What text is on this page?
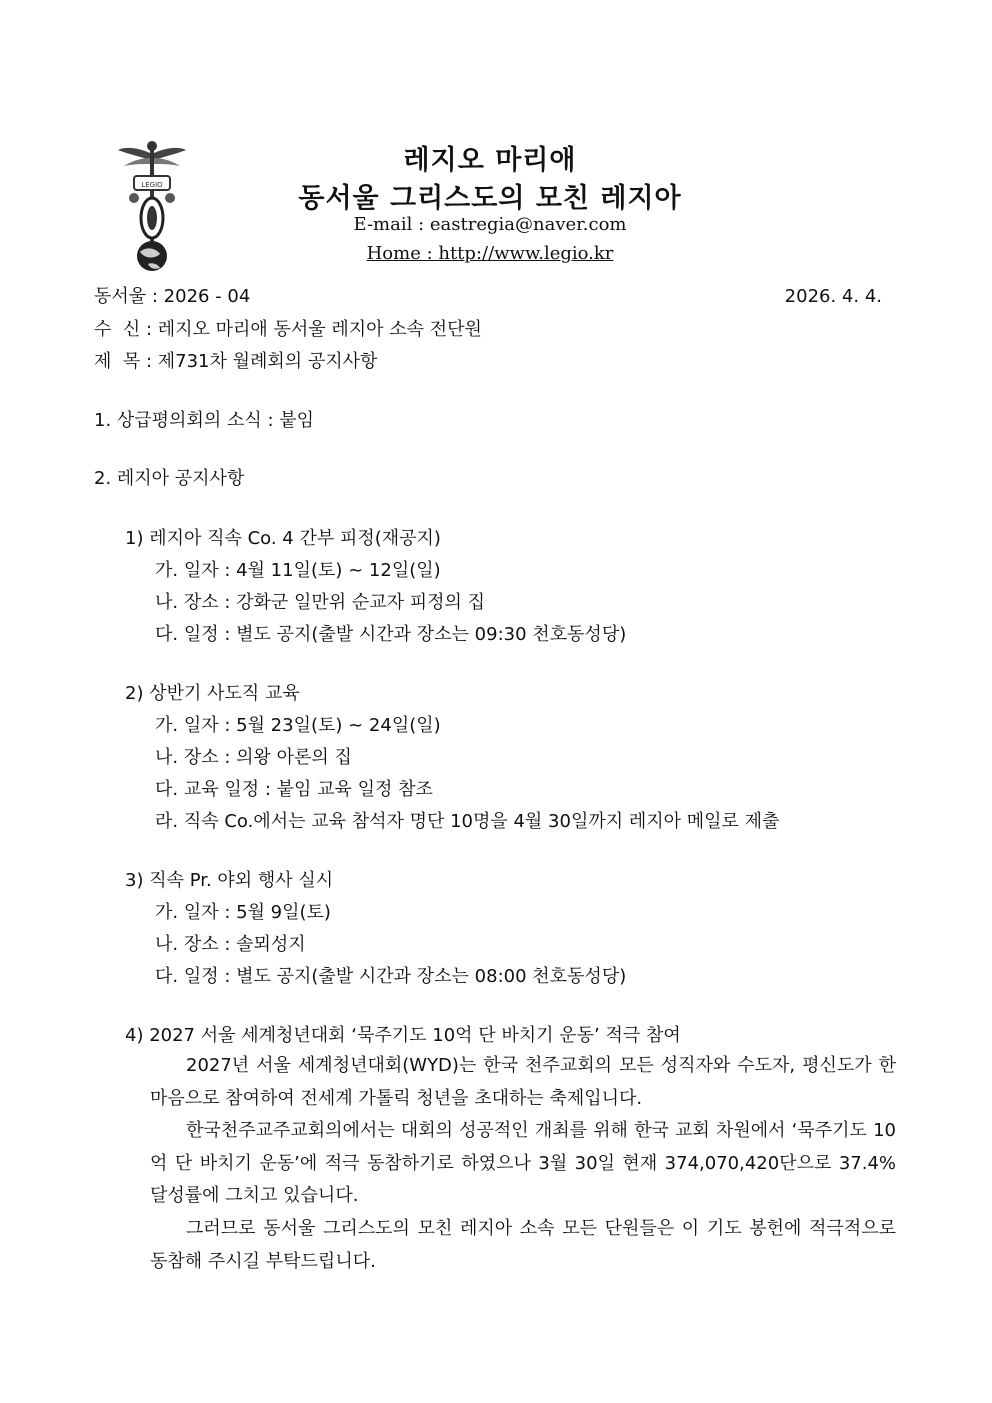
LEGIO
레지오 마리애
동서울 그리스도의 모친 레지아
E-mail : eastregia@naver.com
Home : http://www.legio.kr
동서울 : 2026 - 04	2026. 4. 4.
수  신 : 레지오 마리애 동서울 레지아 소속 전단원
제  목 : 제731차 월례회의 공지사항
1. 상급평의회의 소식 : 붙임
2. 레지아 공지사항
1) 레지아 직속 Co. 4 간부 피정(재공지)
가. 일자 : 4월 11일(토) ~ 12일(일)
나. 장소 : 강화군 일만위 순교자 피정의 집
다. 일정 : 별도 공지(출발 시간과 장소는 09:30 천호동성당)
2) 상반기 사도직 교육
가. 일자 : 5월 23일(토) ~ 24일(일)
나. 장소 : 의왕 아론의 집
다. 교육 일정 : 붙임 교육 일정 참조
라. 직속 Co.에서는 교육 참석자 명단 10명을 4월 30일까지 레지아 메일로 제출
3) 직속 Pr. 야외 행사 실시
가. 일자 : 5월 9일(토)
나. 장소 : 솔뫼성지
다. 일정 : 별도 공지(출발 시간과 장소는 08:00 천호동성당)
4) 2027 서울 세계청년대회 ‘묵주기도 10억 단 바치기 운동’ 적극 참여

2027년 서울 세계청년대회(WYD)는 한국 천주교회의 모든 성직자와 수도자, 평신도가 한마음으로 참여하여 전세계 가톨릭 청년을 초대하는 축제입니다.

한국천주교주교회의에서는 대회의 성공적인 개최를 위해 한국 교회 차원에서 ‘묵주기도 10억 단 바치기 운동’에 적극 동참하기로 하였으나 3월 30일 현재 374,070,420단으로 37.4% 달성률에 그치고 있습니다.

그러므로 동서울 그리스도의 모친 레지아 소속 모든 단원들은 이 기도 봉헌에 적극적으로 동참해 주시길 부탁드립니다.
